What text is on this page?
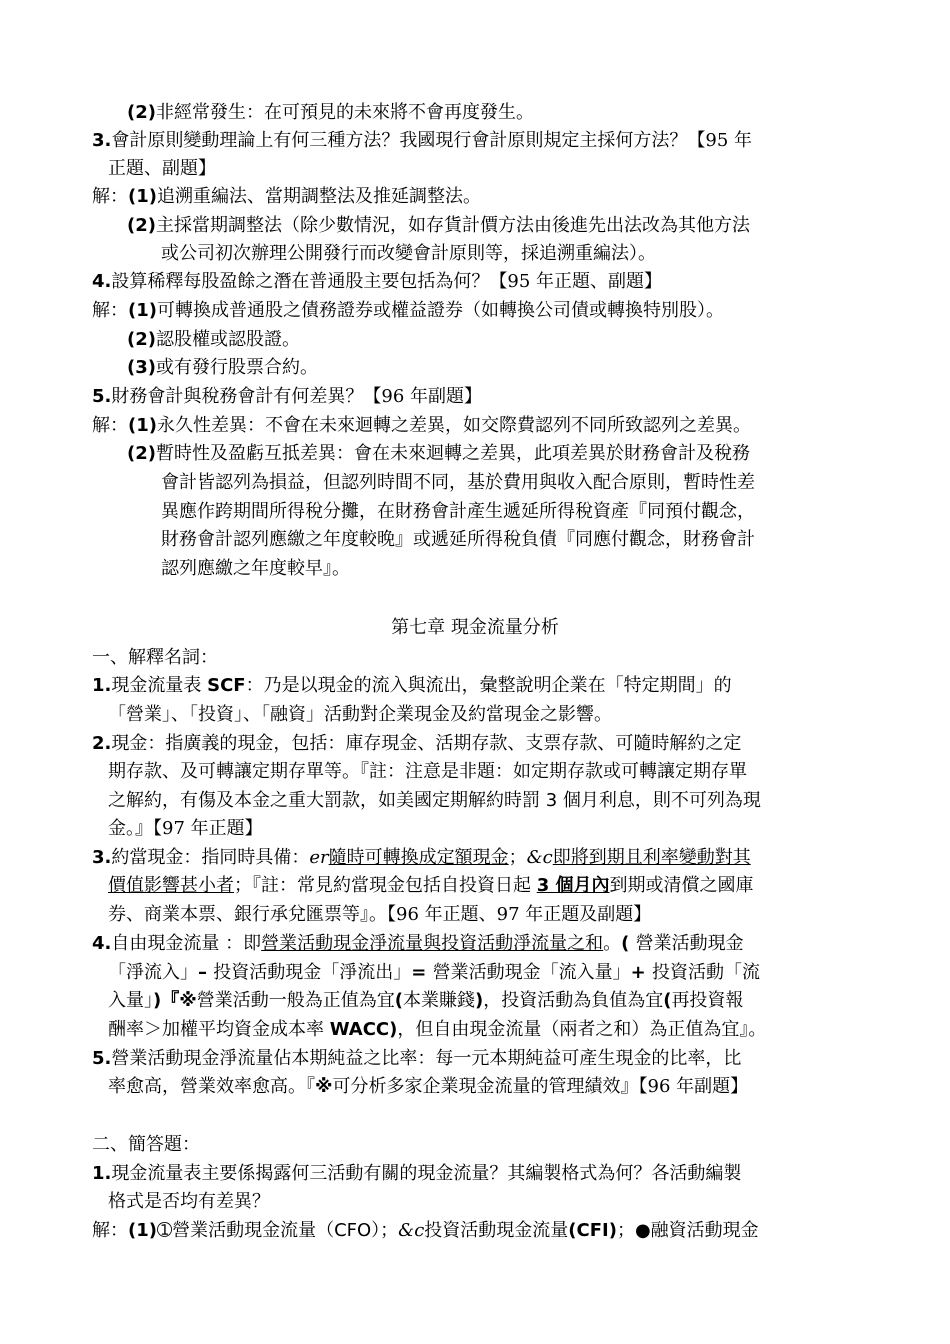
(2)非經常發生：在可預見的未來將不會再度發生。
3.會計原則變動理論上有何三種方法？我國現行會計原則規定主採何方法？【95 年
正題、副題】
解：(1)追溯重編法、當期調整法及推延調整法。
(2)主採當期調整法（除少數情況，如存貨計價方法由後進先出法改為其他方法
或公司初次辦理公開發行而改變會計原則等，採追溯重編法）。
4.設算稀釋每股盈餘之潛在普通股主要包括為何？【95 年正題、副題】
解：(1)可轉換成普通股之債務證券或權益證券（如轉換公司債或轉換特別股）。
(2)認股權或認股證。
(3)或有發行股票合約。
5.財務會計與稅務會計有何差異？【96 年副題】
解：(1)永久性差異：不會在未來迴轉之差異，如交際費認列不同所致認列之差異。
(2)暫時性及盈虧互抵差異：會在未來迴轉之差異，此項差異於財務會計及稅務
會計皆認列為損益，但認列時間不同，基於費用與收入配合原則，暫時性差
異應作跨期間所得稅分攤，在財務會計產生遞延所得稅資產『同預付觀念，
財務會計認列應繳之年度較晚』或遞延所得稅負債『同應付觀念，財務會計
認列應繳之年度較早』。
第七章 現金流量分析
一、解釋名詞：
1.現金流量表 SCF：乃是以現金的流入與流出，彙整說明企業在「特定期間」的
「營業」、「投資」、「融資」活動對企業現金及約當現金之影響。
2.現金：指廣義的現金，包括：庫存現金、活期存款、支票存款、可隨時解約之定
期存款、及可轉讓定期存單等。『註：注意是非題：如定期存款或可轉讓定期存單
之解約，有傷及本金之重大罰款，如美國定期解約時罰 3 個月利息，則不可列為現
金。』【97 年正題】
3.約當現金：指同時具備：er隨時可轉換成定額現金；&c即將到期且利率變動對其
價值影響甚小者；『註：常見約當現金包括自投資日起 3 個月內到期或清償之國庫
券、商業本票、銀行承兌匯票等』。【96 年正題、97 年正題及副題】
4.自由現金流量 ：即營業活動現金淨流量與投資活動淨流量之和。( 營業活動現金
「淨流入」– 投資活動現金「淨流出」= 營業活動現金「流入量」+ 投資活動「流
入量」)『※營業活動一般為正值為宜(本業賺錢)，投資活動為負值為宜(再投資報
酬率＞加權平均資金成本率 WACC)，但自由現金流量（兩者之和）為正值為宜』。
5.營業活動現金淨流量佔本期純益之比率：每一元本期純益可產生現金的比率，比
率愈高，營業效率愈高。『※可分析多家企業現金流量的管理績效』【96 年副題】
二、簡答題：
1.現金流量表主要係揭露何三活動有關的現金流量？其編製格式為何？各活動編製
格式是否均有差異？
解：(1)➀營業活動現金流量（CFO）；&c投資活動現金流量(CFI)；●融資活動現金
